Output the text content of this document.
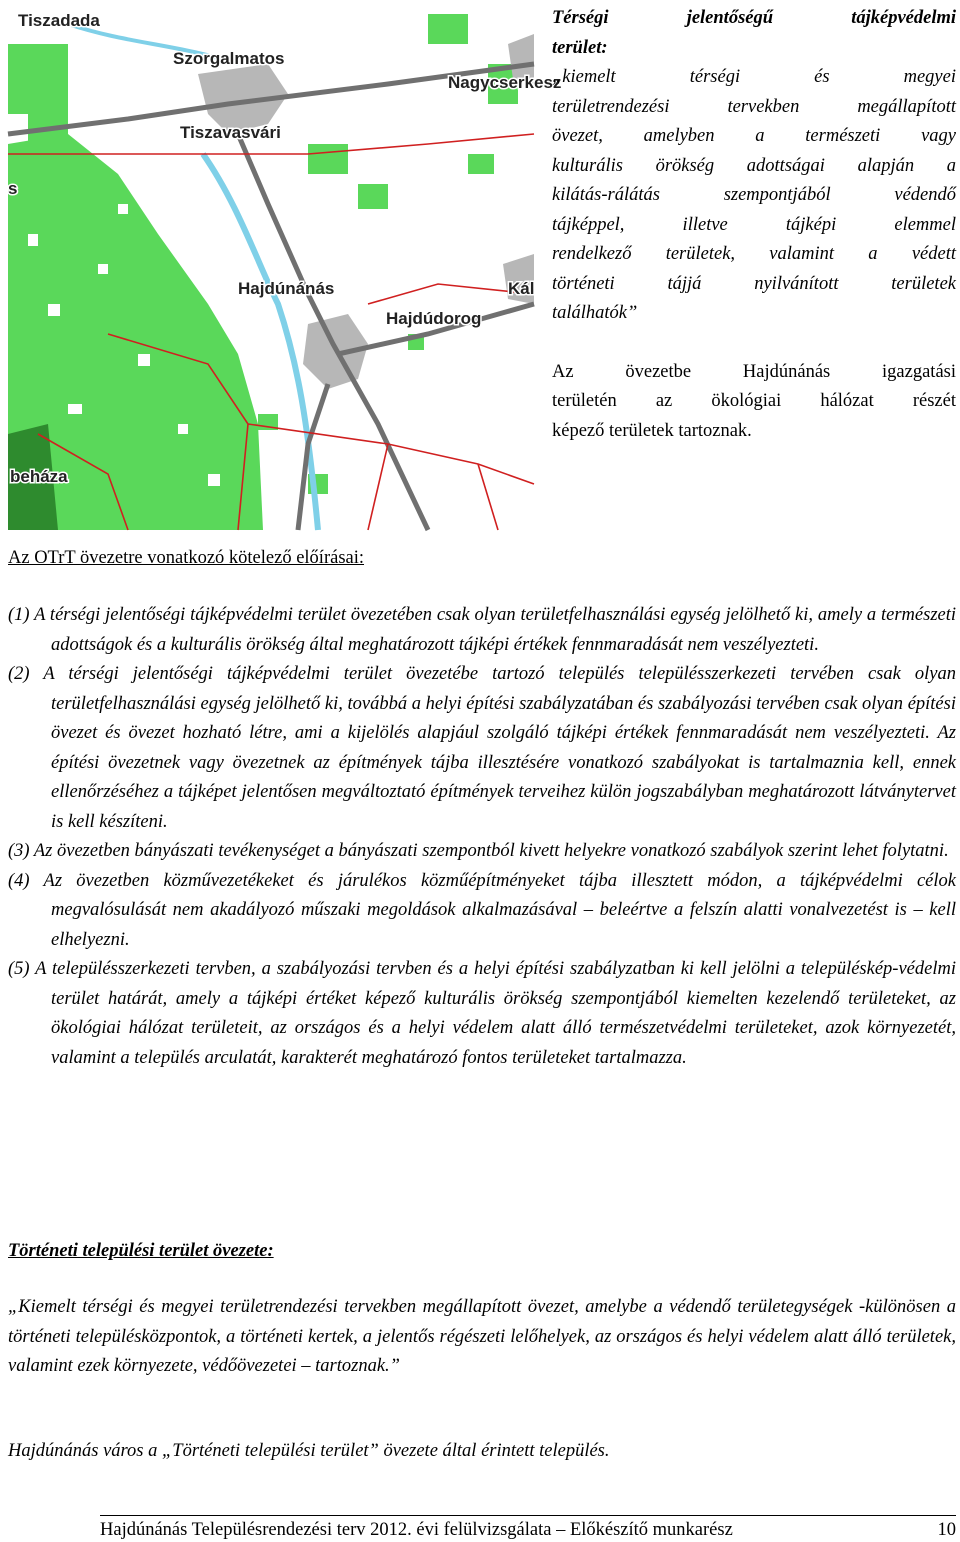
Tiszadada
Szorgalmatos
Nagycserkesz
Tiszavasvári
Hajdúnánás
Hajdúdorog
beháza
Kál
s
Térségi jelentőségű tájképvédelmi
terület:
„kiemelt térségi és megyei
területrendezési tervekben megállapított
övezet, amelyben a természeti vagy
kulturális örökség adottságai alapján a
kilátás-rálátás szempontjából védendő
tájképpel, illetve tájképi elemmel
rendelkező területek, valamint a védett
történeti tájjá nyilvánított területek
találhatók”
Az övezetbe Hajdúnánás igazgatási
területén az ökológiai hálózat részét
képező területek tartoznak.
Az OTrT övezetre vonatkozó kötelező előírásai:

(1) A térségi jelentőségi tájképvédelmi terület övezetében csak olyan területfelhasználási egység jelölhető ki, amely a természeti adottságok és a kulturális örökség által meghatározott tájképi értékek fennmaradását nem veszélyezteti.

(2) A térségi jelentőségi tájképvédelmi terület övezetébe tartozó település településszerkezeti tervében csak olyan területfelhasználási egység jelölhető ki, továbbá a helyi építési szabályzatában és szabályozási tervében csak olyan építési övezet és övezet hozható létre, ami a kijelölés alapjául szolgáló tájképi értékek fennmaradását nem veszélyezteti. Az építési övezetnek vagy övezetnek az építmények tájba illesztésére vonatkozó szabályokat is tartalmaznia kell, ennek ellenőrzéséhez a tájképet jelentősen megváltoztató építmények terveihez külön jogszabályban meghatározott látványtervet is kell készíteni.

(3) Az övezetben bányászati tevékenységet a bányászati szempontból kivett helyekre vonatkozó szabályok szerint lehet folytatni.

(4) Az övezetben közművezetékeket és járulékos közműépítményeket tájba illesztett módon, a tájképvédelmi célok megvalósulását nem akadályozó műszaki megoldások alkalmazásával – beleértve a felszín alatti vonalvezetést is – kell elhelyezni.

(5) A településszerkezeti tervben, a szabályozási tervben és a helyi építési szabályzatban ki kell jelölni a településkép-védelmi terület határát, amely a tájképi értéket képező kulturális örökség szempontjából kiemelten kezelendő területeket, az ökológiai hálózat területeit, az országos és a helyi védelem alatt álló természetvédelmi területeket, azok környezetét, valamint a település arculatát, karakterét meghatározó fontos területeket tartalmazza.

Történeti települési terület övezete:

„Kiemelt térségi és megyei területrendezési tervekben megállapított övezet, amelybe a védendő területegységek -különösen a történeti településközpontok, a történeti kertek, a jelentős régészeti lelőhelyek, az országos és helyi védelem alatt álló területek, valamint ezek környezete, védőövezetei – tartoznak.”

Hajdúnánás város a „Történeti települési terület” övezete által érintett település.

Hajdúnánás Településrendezési terv 2012. évi felülvizsgálata – Előkészítő munkarész	10
